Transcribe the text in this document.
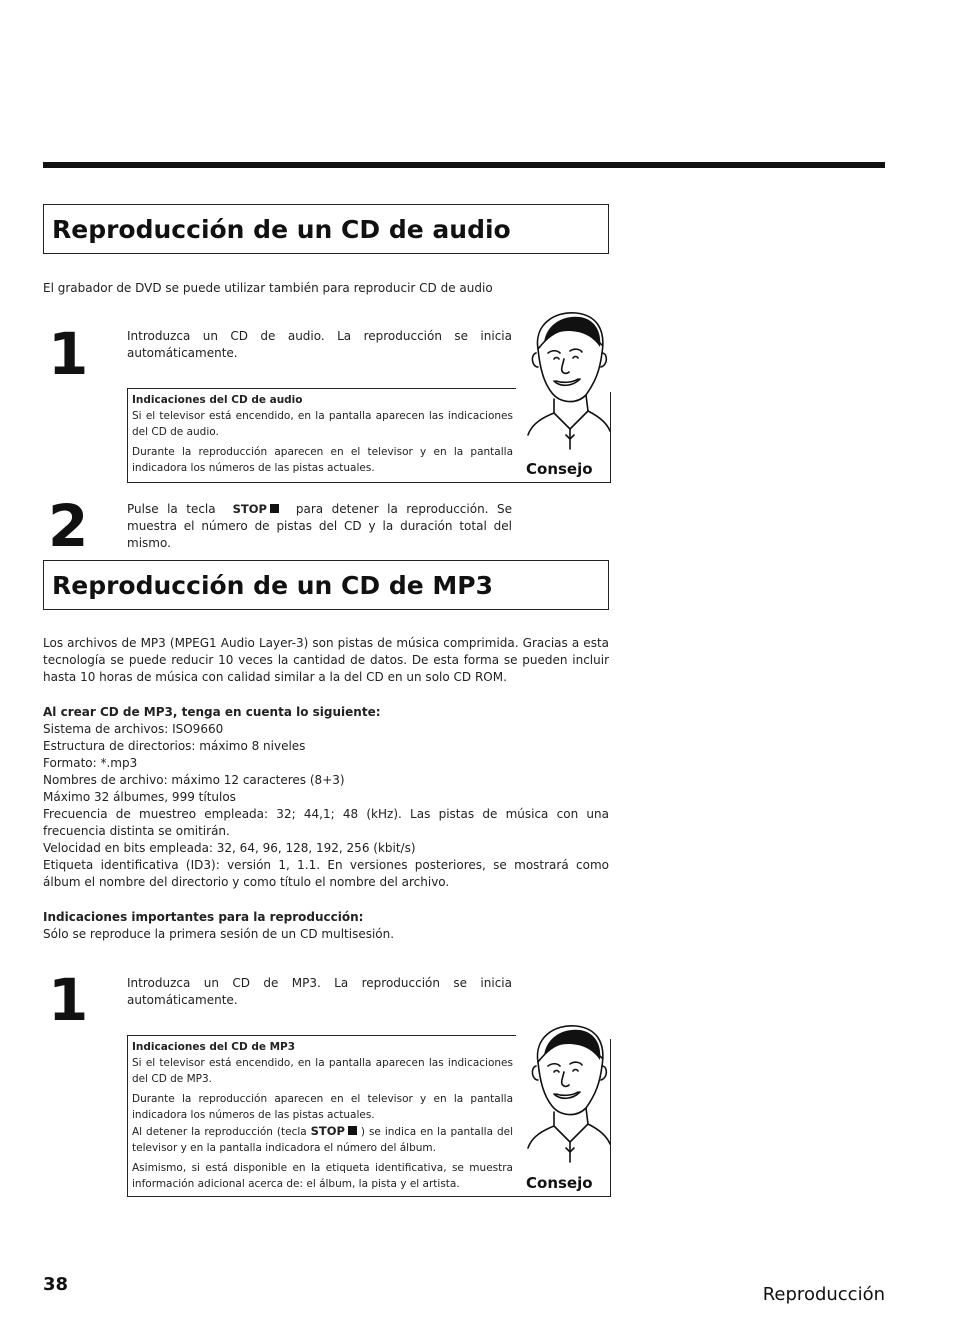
Reproducción de un CD de audio
El grabador de DVD se puede utilizar también para reproducir CD de audio
1	Introduzca un CD de audio. La reproducción se inicia automáticamente.
Indicaciones del CD de audio

Si el televisor está encendido, en la pantalla aparecen las indicaciones del CD de audio.

Durante la reproducción aparecen en el televisor y en la pantalla indicadora los números de las pistas actuales.	Consejo
2	Pulse la tecla STOP para detener la reproducción. Se muestra el número de pistas del CD y la duración total del mismo.
Reproducción de un CD de MP3
Los archivos de MP3 (MPEG1 Audio Layer-3) son pistas de música comprimida. Gracias a esta tecnología se puede reducir 10 veces la cantidad de datos. De esta forma se pueden incluir hasta 10 horas de música con calidad similar a la del CD en un solo CD ROM.
Al crear CD de MP3, tenga en cuenta lo siguiente:
Sistema de archivos: ISO9660
Estructura de directorios: máximo 8 niveles
Formato: *.mp3
Nombres de archivo: máximo 12 caracteres (8+3)
Máximo 32 álbumes, 999 títulos
Frecuencia de muestreo empleada: 32; 44,1; 48 (kHz). Las pistas de música con una frecuencia distinta se omitirán.
Velocidad en bits empleada: 32, 64, 96, 128, 192, 256 (kbit/s)
Etiqueta identificativa (ID3): versión 1, 1.1. En versiones posteriores, se mostrará como álbum el nombre del directorio y como título el nombre del archivo.
Indicaciones importantes para la reproducción:
Sólo se reproduce la primera sesión de un CD multisesión.
1	Introduzca un CD de MP3. La reproducción se inicia automáticamente.
Indicaciones del CD de MP3

Si el televisor está encendido, en la pantalla aparecen las indicaciones del CD de MP3.

Durante la reproducción aparecen en el televisor y en la pantalla indicadora los números de las pistas actuales.
Al detener la reproducción (tecla STOP ) se indica en la pantalla del televisor y en la pantalla indicadora el número del álbum.

Asimismo, si está disponible en la etiqueta identificativa, se muestra información adicional acerca de: el álbum, la pista y el artista.	Consejo
38	Reproducción
